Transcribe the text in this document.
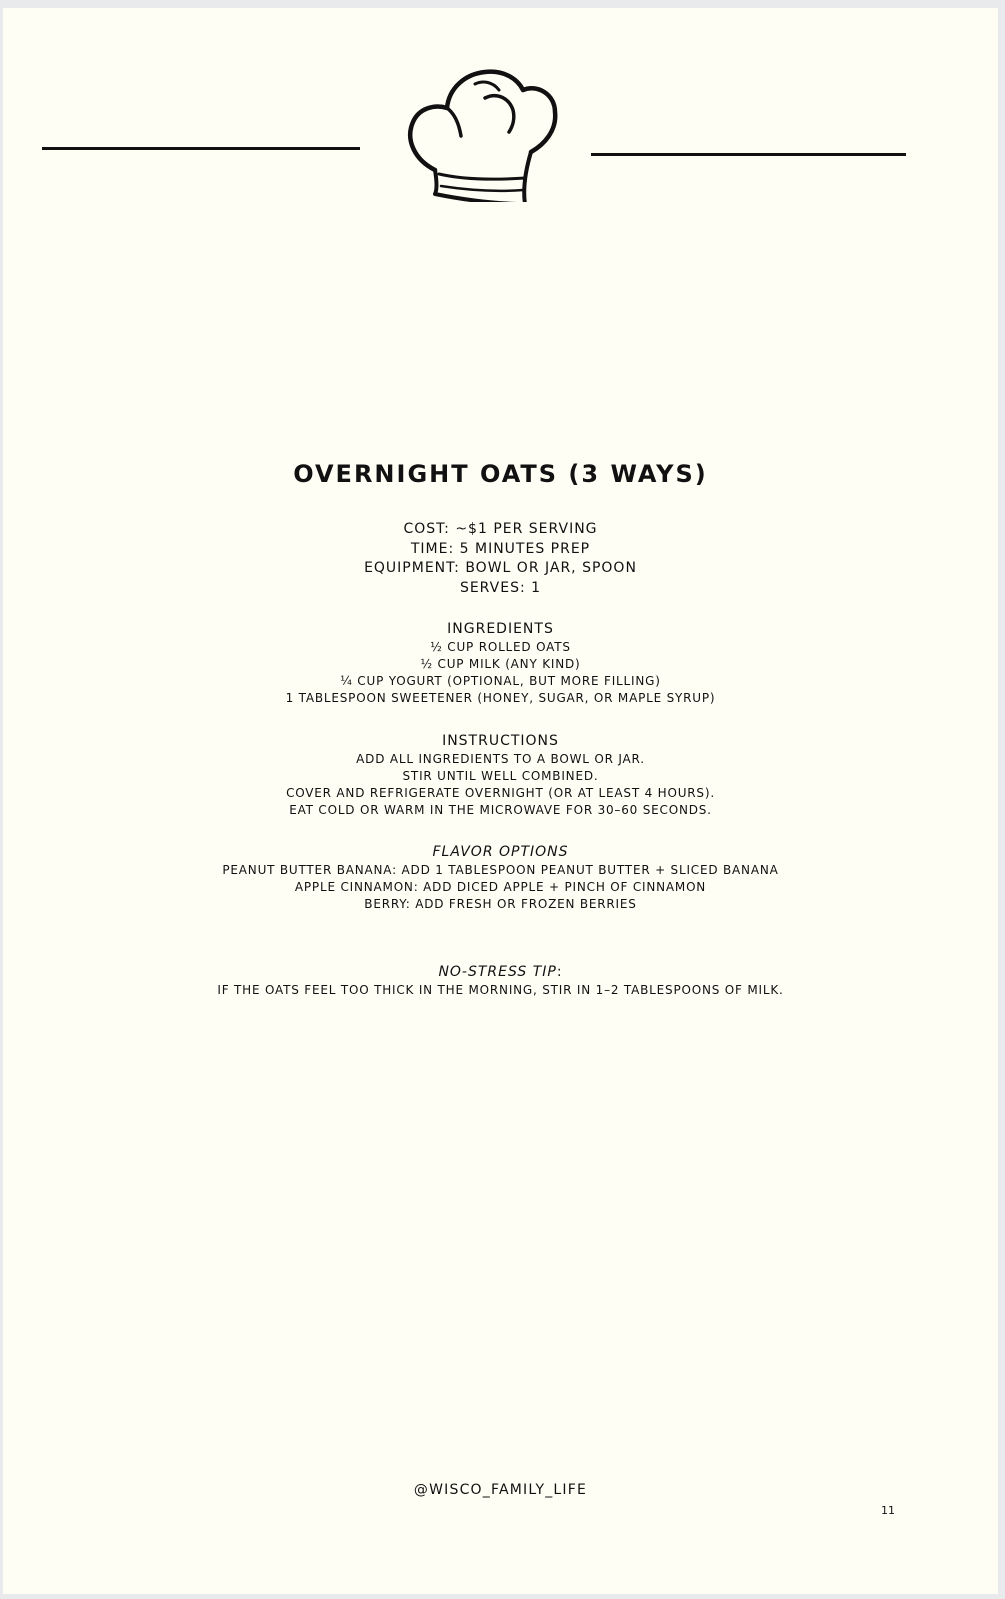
OVERNIGHT OATS (3 WAYS)
COST: ~$1 PER SERVING
TIME: 5 MINUTES PREP
EQUIPMENT: BOWL OR JAR, SPOON
SERVES: 1
INGREDIENTS
½ CUP ROLLED OATS
½ CUP MILK (ANY KIND)
¼ CUP YOGURT (OPTIONAL, BUT MORE FILLING)
1 TABLESPOON SWEETENER (HONEY, SUGAR, OR MAPLE SYRUP)
INSTRUCTIONS
ADD ALL INGREDIENTS TO A BOWL OR JAR.
STIR UNTIL WELL COMBINED.
COVER AND REFRIGERATE OVERNIGHT (OR AT LEAST 4 HOURS).
EAT COLD OR WARM IN THE MICROWAVE FOR 30–60 SECONDS.
FLAVOR OPTIONS
PEANUT BUTTER BANANA: ADD 1 TABLESPOON PEANUT BUTTER + SLICED BANANA
APPLE CINNAMON: ADD DICED APPLE + PINCH OF CINNAMON
BERRY: ADD FRESH OR FROZEN BERRIES
NO-STRESS TIP:
IF THE OATS FEEL TOO THICK IN THE MORNING, STIR IN 1–2 TABLESPOONS OF MILK.
@WISCO_FAMILY_LIFE
11
